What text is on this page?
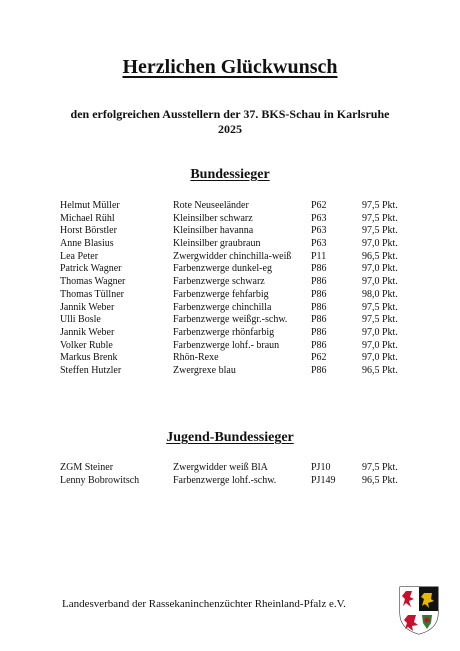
Herzlichen Glückwunsch
den erfolgreichen Ausstellern der 37. BKS-Schau in Karlsruhe
2025
Bundessieger
Helmut Müller	Rote Neuseeländer	P62	97,5 Pkt.
Michael Rühl	Kleinsilber schwarz	P63	97,5 Pkt.
Horst Börstler	Kleinsilber havanna	P63	97,5 Pkt.
Anne Blasius	Kleinsilber graubraun	P63	97,0 Pkt.
Lea Peter	Zwergwidder chinchilla-weiß P11	96,5 Pkt.
Patrick Wagner	Farbenzwerge dunkel-eg	P86	97,0 Pkt.
Thomas Wagner	Farbenzwerge schwarz	P86	97,0 Pkt.
Thomas Tüllner	Farbenzwerge fehfarbig	P86	98,0 Pkt.
Jannik Weber	Farbenzwerge chinchilla	P86	97,5 Pkt.
Ulli Bosle	Farbenzwerge weißgr.-schw. P86	97,5 Pkt.
Jannik Weber	Farbenzwerge rhönfarbig	P86	97,0 Pkt.
Volker Ruble	Farbenzwerge lohf.- braun	P86	97,0 Pkt.
Markus Brenk	Rhön-Rexe	P62	97,0 Pkt.
Steffen Hutzler	Zwergrexe blau	P86	96,5 Pkt.
Jugend-Bundessieger
ZGM Steiner	Zwergwidder weiß BlA	PJ10	97,5 Pkt.
Lenny Bobrowitsch	Farbenzwerge lohf.-schw.	PJ149	96,5 Pkt.
Landesverband der Rassekaninchenzüchter Rheinland-Pfalz e.V.
